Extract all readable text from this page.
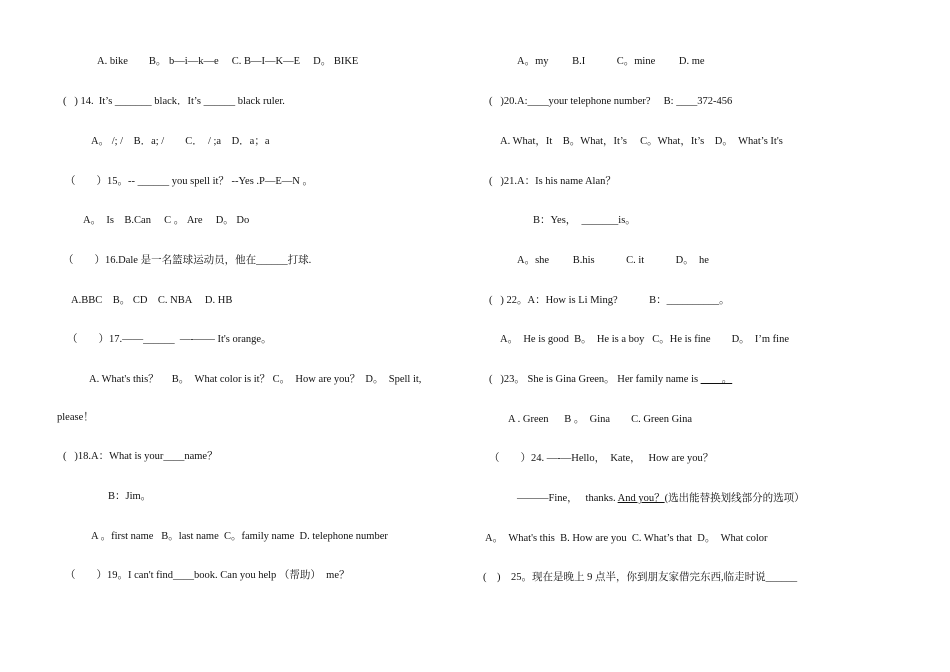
A. bike　　B。 b—i—k—e　 C. B—I—K—E　 D。 BIKE
(   ) 14.  It’s _______ black．It’s ______ black ruler.
A。 /; /　B．a; /　　C．  / ;a　D．a；a
（　　）15。-- ______ you spell it？ --Yes .P—E—N 。
A。  Is　B.Can　 C 。 Are　 D。 Do
（　　）16.Dale 是一名篮球运动员，他在______打球.
A.BBC　B。 CD　C. NBA　 D. HB
（　　）17.——______  —-—— It's orange。
A. What's this？　 B。  What color is it？ C。  How are you？  D。  Spell it,
please！
(   )18.A：What is your____name？
B：Jim。
A 。first name   B。last name  C。family name  D. telephone number
（　　）19。I can't find____book. Can you help （帮助）  me？
A。my　　 B.I　　　C。mine　　 D. me
(   )20.A:____your telephone number?　 B: ____372-456
A. What，It　B。What，It’s　 C。What，It’s　D。  What’s It's
(   )21.A：Is his name Alan？
B：Yes，  _______is。
A。she　　 B.his　　　C. it　　　D。  he
(   ) 22。A：How is Li Ming?　　　B：__________。
A。  He is good  B。  He is a boy   C。He is fine　　D。  I’m fine
(   )23。 She is Gina Green。 Her family name is ____。
A . Green　  B 。  Gina　　C. Green Gina
（　　）24. —-—Hello，  Kate，   How are you？
———Fine，   thanks. And you？(选出能替换划线部分的选项）
A。  What's this  B. How are you  C. What’s that  D。  What color
(    )    25。现在是晚上 9 点半，你到朋友家借完东西,临走时说______
